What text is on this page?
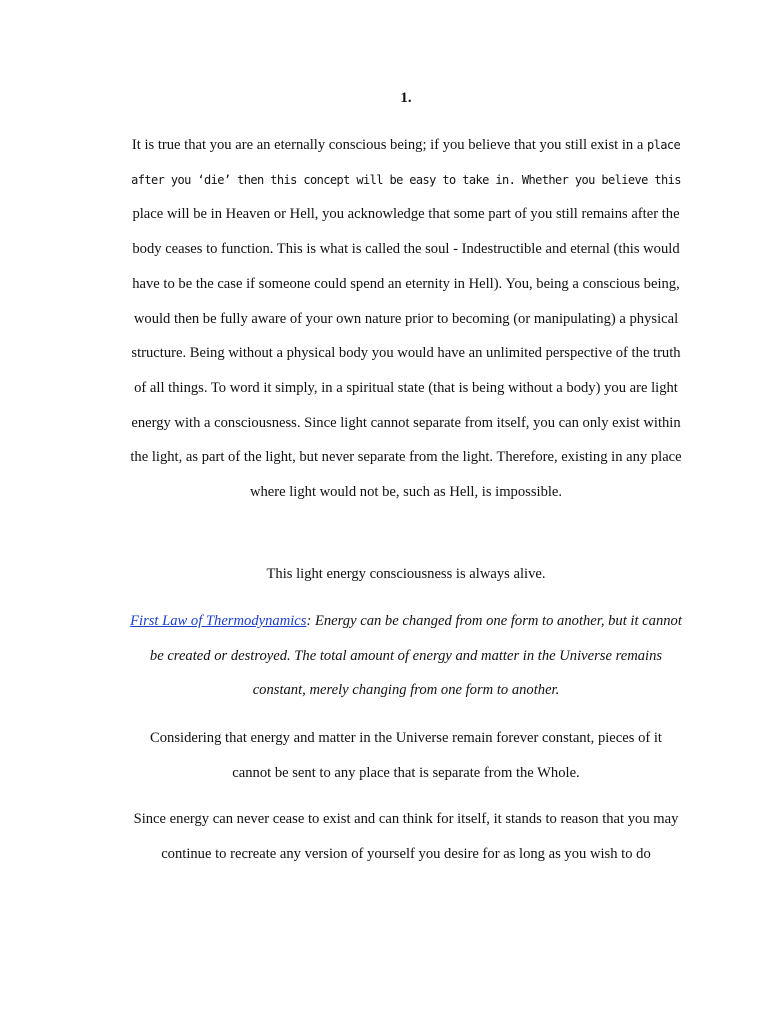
1.

It is true that you are an eternally conscious being; if you believe that you still exist in a place after you ‘die’ then this concept will be easy to take in. Whether you believe this place will be in Heaven or Hell, you acknowledge that some part of you still remains after the body ceases to function. This is what is called the soul - Indestructible and eternal (this would have to be the case if someone could spend an eternity in Hell). You, being a conscious being, would then be fully aware of your own nature prior to becoming (or manipulating) a physical structure. Being without a physical body you would have an unlimited perspective of the truth of all things. To word it simply, in a spiritual state (that is being without a body) you are light energy with a consciousness. Since light cannot separate from itself, you can only exist within the light, as part of the light, but never separate from the light. Therefore, existing in any place where light would not be, such as Hell, is impossible.

This light energy consciousness is always alive.

First Law of Thermodynamics: Energy can be changed from one form to another, but it cannot be created or destroyed. The total amount of energy and matter in the Universe remains constant, merely changing from one form to another.

Considering that energy and matter in the Universe remain forever constant, pieces of it cannot be sent to any place that is separate from the Whole.

Since energy can never cease to exist and can think for itself, it stands to reason that you may continue to recreate any version of yourself you desire for as long as you wish to do
